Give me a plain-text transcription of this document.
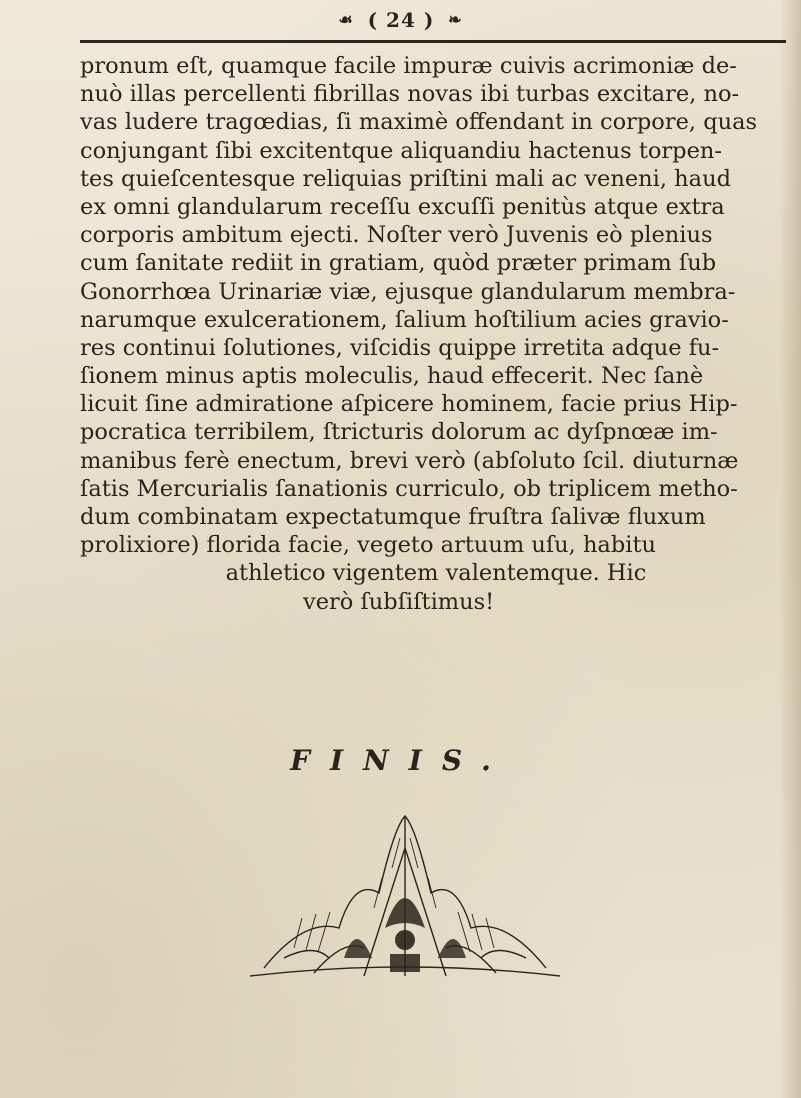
☙ ( 24 ) ❧
pronum eſt, quamque facile impuræ cuivis acrimoniæ de-
nuò illas percellenti fibrillas novas ibi turbas excitare, no-
vas ludere tragœdias, ſi maximè offendant in corpore, quas
conjungant ſibi excitentque aliquandiu hactenus torpen-
tes quieſcentesque reliquias priſtini mali ac veneni, haud
ex omni glandularum receſſu excuſſi penitùs atque extra
corporis ambitum ejecti. Noſter verò Juvenis eò plenius
cum ſanitate rediit in gratiam, quòd præter primam ſub
Gonorrhœa Urinariæ viæ, ejusque glandularum membra-
narumque exulcerationem, ſalium hoſtilium acies gravio-
res continui ſolutiones, viſcidis quippe irretita adque fu-
ſionem minus aptis moleculis, haud effecerit. Nec ſanè
licuit ſine admiratione aſpicere hominem, facie prius Hip-
pocratica terribilem, ſtricturis dolorum ac dyſpnœæ im-
manibus ferè enectum, brevi verò (abſoluto ſcil. diuturnæ
ſatis Mercurialis ſanationis curriculo, ob triplicem metho-
dum combinatam expectatumque fruſtra ſalivæ fluxum
prolixiore) florida facie, vegeto artuum uſu, habitu
athletico vigentem valentemque. Hic
verò ſubſiſtimus!
FINIS.
